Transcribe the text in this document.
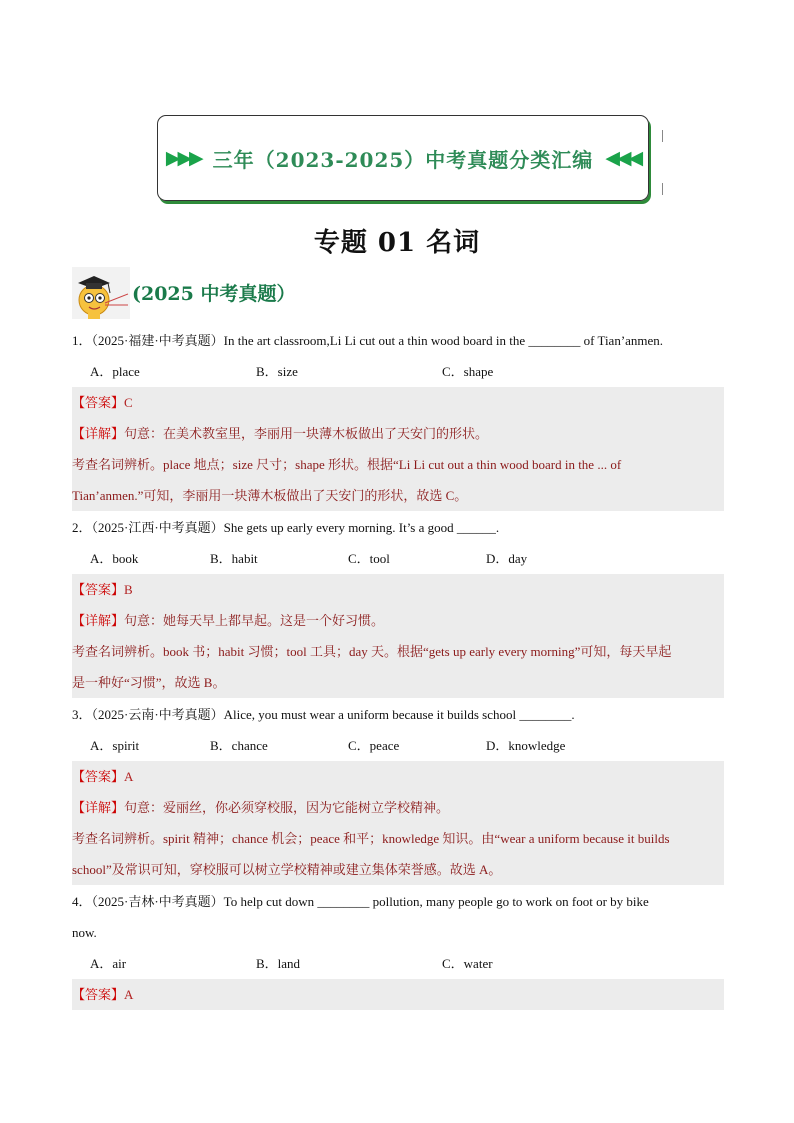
▶▶▶ 三年（2023-2025）中考真题分类汇编 ◀◀◀
专题 01 名词
(2025 中考真题）
1．（2025·福建·中考真题）In the art classroom,Li Li cut out a thin wood board in the ________ of Tian’anmen.
A．place	B．size	C．shape
【答案】C
【详解】句意：在美术教室里，李丽用一块薄木板做出了天安门的形状。
考查名词辨析。place 地点；size 尺寸；shape 形状。根据“Li Li cut out a thin wood board in the ... of
Tian’anmen.”可知，李丽用一块薄木板做出了天安门的形状，故选 C。
2．（2025·江西·中考真题）She gets up early every morning. It’s a good ______.
A．book	B．habit	C．tool	D．day
【答案】B
【详解】句意：她每天早上都早起。这是一个好习惯。
考查名词辨析。book 书；habit 习惯；tool 工具；day 天。根据“gets up early every morning”可知，每天早起
是一种好“习惯”，故选 B。
3．（2025·云南·中考真题）Alice, you must wear a uniform because it builds school ________.
A．spirit	B．chance	C．peace	D．knowledge
【答案】A
【详解】句意：爱丽丝，你必须穿校服，因为它能树立学校精神。
考查名词辨析。spirit 精神；chance 机会；peace 和平；knowledge 知识。由“wear a uniform because it builds
school”及常识可知，穿校服可以树立学校精神或建立集体荣誉感。故选 A。
4．（2025·吉林·中考真题）To help cut down ________ pollution, many people go to work on foot or by bike
now.
A．air	B．land	C．water
【答案】A
